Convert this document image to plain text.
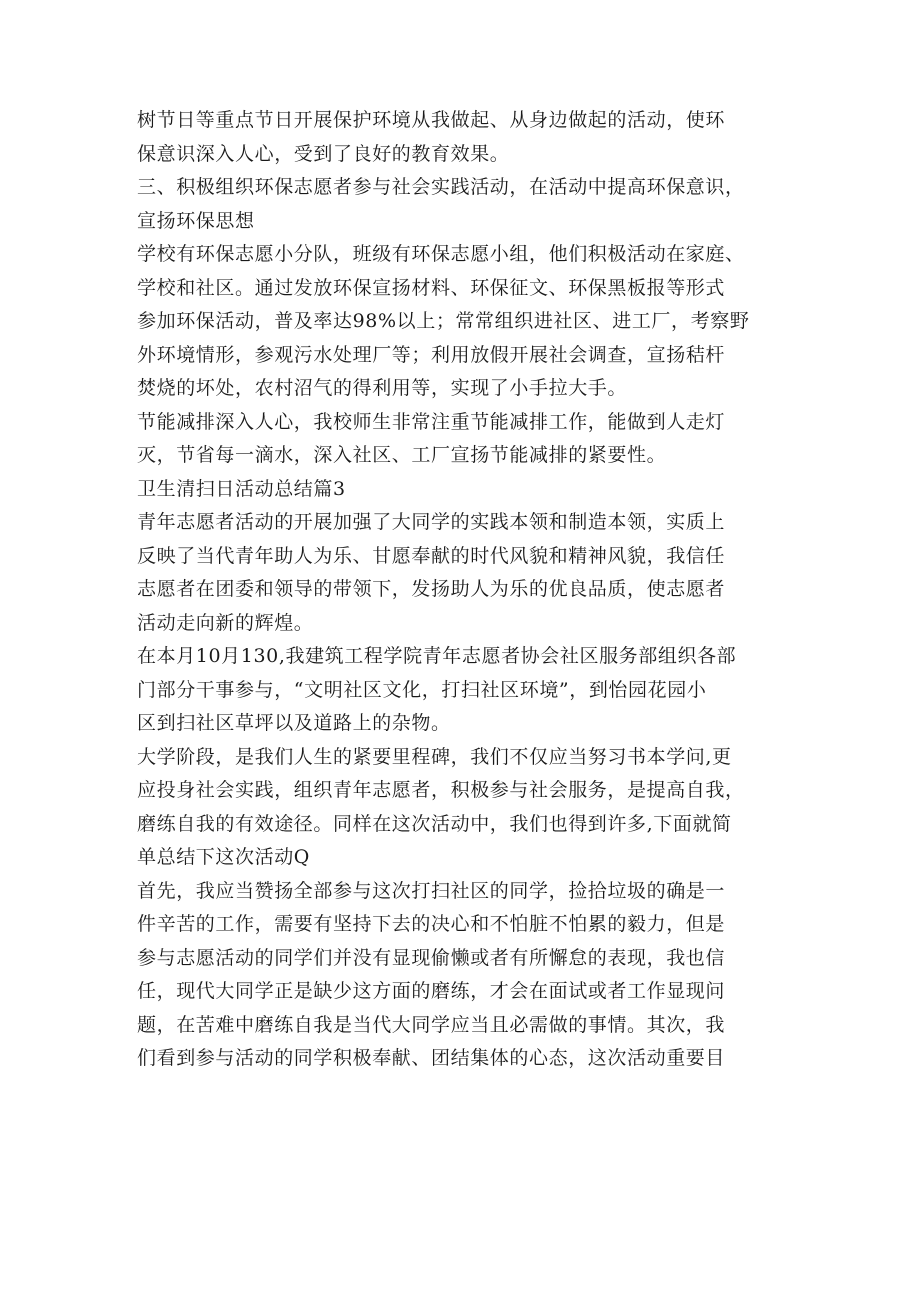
树节日等重点节日开展保护环境从我做起、从身边做起的活动，使环
保意识深入人心，受到了良好的教育效果。
三、积极组织环保志愿者参与社会实践活动，在活动中提高环保意识，
宣扬环保思想
学校有环保志愿小分队，班级有环保志愿小组，他们积极活动在家庭、
学校和社区。通过发放环保宣扬材料、环保征文、环保黑板报等形式
参加环保活动，普及率达98%以上；常常组织进社区、进工厂，考察野
外环境情形，参观污水处理厂等；利用放假开展社会调查，宣扬秸杆
焚烧的坏处，农村沼气的得利用等，实现了小手拉大手。
节能减排深入人心，我校师生非常注重节能减排工作，能做到人走灯
灭，节省每一滴水，深入社区、工厂宣扬节能减排的紧要性。
卫生清扫日活动总结篇3
青年志愿者活动的开展加强了大同学的实践本领和制造本领，实质上
反映了当代青年助人为乐、甘愿奉献的时代风貌和精神风貌，我信任
志愿者在团委和领导的带领下，发扬助人为乐的优良品质，使志愿者
活动走向新的辉煌。
在本月10月130,我建筑工程学院青年志愿者协会社区服务部组织各部
门部分干事参与，“文明社区文化，打扫社区环境”，到怡园花园小
区到扫社区草坪以及道路上的杂物。
大学阶段，是我们人生的紧要里程碑，我们不仅应当努习书本学问,更
应投身社会实践，组织青年志愿者，积极参与社会服务，是提高自我，
磨练自我的有效途径。同样在这次活动中，我们也得到许多,下面就简
单总结下这次活动Q
首先，我应当赞扬全部参与这次打扫社区的同学，捡拾垃圾的确是一
件辛苦的工作，需要有坚持下去的决心和不怕脏不怕累的毅力，但是
参与志愿活动的同学们并没有显现偷懒或者有所懈怠的表现，我也信
任，现代大同学正是缺少这方面的磨练，才会在面试或者工作显现问
题，在苦难中磨练自我是当代大同学应当且必需做的事情。其次，我
们看到参与活动的同学积极奉献、团结集体的心态，这次活动重要目
